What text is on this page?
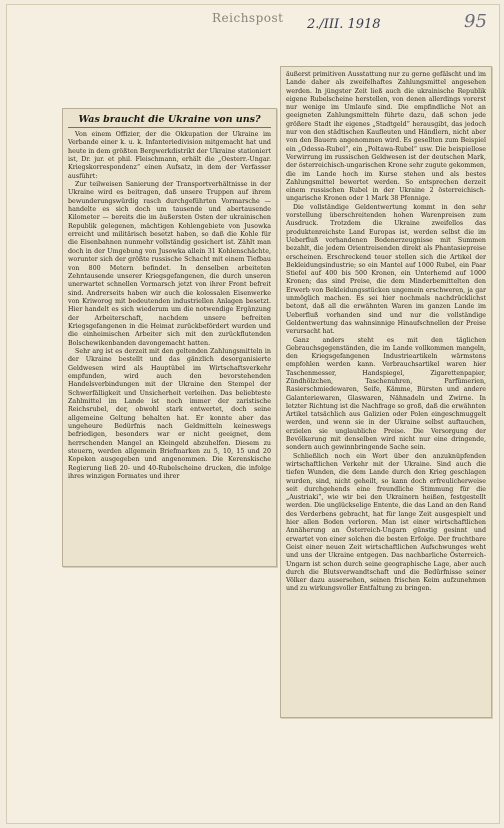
Reichspost 2./III. 1918	95
Was braucht die Ukraine von uns?

Von einem Offizier, der die Okkupation der Ukraine im Verbande einer k. u. k. Infanteriedivision mitgemacht hat und heute in dem größten Bergwerkdistrikt der Ukraine stationiert ist, Dr. jur. et phil. Fleischmann, erhält die „Oesterr.-Ungar. Kriegskorrespondenz“ einen Aufsatz, in dem der Verfasser ausführt:

Zur teilweisen Sanierung der Transportverhältnisse in der Ukraine wird es beitragen, daß unsere Truppen auf ihrem bewunderungswürdig rasch durchgeführten Vormarsche — handelte es sich doch um tausende und abertausende Kilometer — bereits die im äußersten Osten der ukrainischen Republik gelegenen, mächtigen Kohlengebiete von Jusowka erreicht und militärisch besetzt haben, so daß die Kohle für die Eisenbahnen nunmehr vollständig gesichert ist. Zählt man doch in der Umgebung von Jusowka allein 31 Kohlenschächte, worunter sich der größte russische Schacht mit einem Tiefbau von 800 Metern befindet. In denselben arbeiteten Zehntausende unserer Kriegsgefangenen, die durch unseren unerwartet schnellen Vormarsch jetzt von ihrer Front befreit sind. Andrerseits haben wir auch die kolossalen Eisenwerke von Kriworog mit bedeutenden industriellen Anlagen besetzt. Hier handelt es sich wiederum um die notwendige Ergänzung der Arbeiterschaft, nachdem unsere befreiten Kriegsgefangenen in die Heimat zurückbefördert wurden und die einheimischen Arbeiter sich mit den zurückflutenden Bolschewikenbanden davongemacht hatten.

Sehr arg ist es derzeit mit den geltenden Zahlungsmitteln in der Ukraine bestellt und das gänzlich desorganisierte Geldwesen wird als Hauptübel im Wirtschaftsverkehr empfunden, wird auch den bevorstehenden Handelsverbindungen mit der Ukraine den Stempel der Schwerfälligkeit und Unsicherheit verleihen. Das beliebteste Zahlmittel im Lande ist noch immer der zaristische Reichsrubel, der, obwohl stark entwertet, doch seine allgemeine Geltung behalten hat. Er konnte aber das ungeheure Bedürfnis nach Geldmitteln keineswegs befriedigen, besonders war er nicht geeignet, dem herrschenden Mangel an Kleingeld abzuhelfen. Diesem zu steuern, werden allgemein Briefmarken zu 5, 10, 15 und 20 Kopeken ausgegeben und angenommen. Die Kerenskische Regierung ließ 20- und 40-Rubelscheine drucken, die infolge ihres winzigen Formates und ihrer

äußerst primitiven Ausstattung nur zu gerne gefälscht und im Lande daher als zweifelhaftes Zahlungsmittel angesehen werden. In jüngster Zeit ließ auch die ukrainische Republik eigene Rubelscheine herstellen, von denen allerdings vorerst nur wenige im Umlaufe sind. Die empfindliche Not an geeigneten Zahlungsmitteln führte dazu, daß schon jede größere Stadt ihr eigenes „Stadtgeld“ herausgibt, das jedoch nur von den städtischen Kaufleuten und Händlern, nicht aber von den Bauern angenommen wird. Es gesellten zum Beispiel ein „Odessa-Rubel“, ein „Poltawa-Rubel“ usw. Die beispiellose Verwirrung im russischen Geldwesen ist der deutschen Mark, der österreichisch-ungarischen Krone sehr zugute gekommen, die im Lande hoch im Kurse stehen und als bestes Zahlungsmittel bewertet werden. So entsprechen derzeit einem russischen Rubel in der Ukraine 2 österreichisch-ungarische Kronen oder 1 Mark 38 Pfennige.

Die vollständige Geldentwertung kommt in den sehr vorstellung überschreitenden hohen Warenpreisen zum Ausdruck. Trotzdem die Ukraine zweifellos das produktenreichste Land Europas ist, werden selbst die im Ueberfluß vorhandenen Bodenerzeugnisse mit Summen bezahlt, die jedem Orientreisenden direkt als Phantasiepreise erscheinen. Erschreckend teuer stellen sich die Artikel der Bekleidungsindustrie; so ein Mantel auf 1000 Rubel, ein Paar Stiefel auf 400 bis 500 Kronen, ein Unterhemd auf 1000 Kronen; das sind Preise, die dem Minderbemittelten den Erwerb von Bekleidungsstücken ungemein erschweren, ja gar unmöglich machen. Es sei hier nochmals nachdrücklichst betont, daß all die erwähnten Waren im ganzen Lande im Ueberfluß vorhanden sind und nur die vollständige Geldentwertung das wahnsinnige Hinaufschnellen der Preise verursacht hat.

Ganz anders steht es mit den täglichen Gebrauchsgegenständen, die im Lande vollkommen mangeln, den Kriegsgefangenen Industrieartikeln wärmstens empfohlen werden kann. Verbrauchsartikel waren hier Taschenmesser, Handspiegel, Zigarettenpapier, Zündhölzchen, Taschenuhren, Parfümerien, Rasierschmiedewaren, Seife, Kämme, Bürsten und andere Galanteriewaren, Glaswaren, Nähnadeln und Zwirne. In letzter Richtung ist die Nachfrage so groß, daß die erwähnten Artikel tatsächlich aus Galizien oder Polen eingeschmuggelt werden, und wenn sie in der Ukraine selbst auftauchen, erzielen sie unglaubliche Preise. Die Versorgung der Bevölkerung mit denselben wird nicht nur eine dringende, sondern auch gewinnbringende Sache sein.

Schließlich noch ein Wort über den anzuknüpfenden wirtschaftlichen Verkehr mit der Ukraine. Sind auch die tiefen Wunden, die dem Lande durch den Krieg geschlagen wurden, sind, nicht geheilt, so kann doch erfreulicherweise seit durchgehends eine freundliche Stimmung für die „Austriaki“, wie wir bei den Ukrainern heißen, festgestellt werden. Die unglückselige Entente, die das Land an den Rand des Verderbens gebracht, hat für lange Zeit ausgespielt und hier allen Boden verloren. Man ist einer wirtschaftlichen Annäherung an Österreich-Ungarn günstig gesinnt und erwartet von einer solchen die besten Erfolge. Der fruchtbare Geist einer neuen Zeit wirtschaftlichen Aufschwunges weht und uns der Ukraine entgegen. Das nachbarliche Österreich-Ungarn ist schon durch seine geographische Lage, aber auch durch die Blutsverwandtschaft und die Bedürfnisse seiner Völker dazu ausersehen, seinen frischen Keim aufzunehmen und zu wirkungsvoller Entfaltung zu bringen.
